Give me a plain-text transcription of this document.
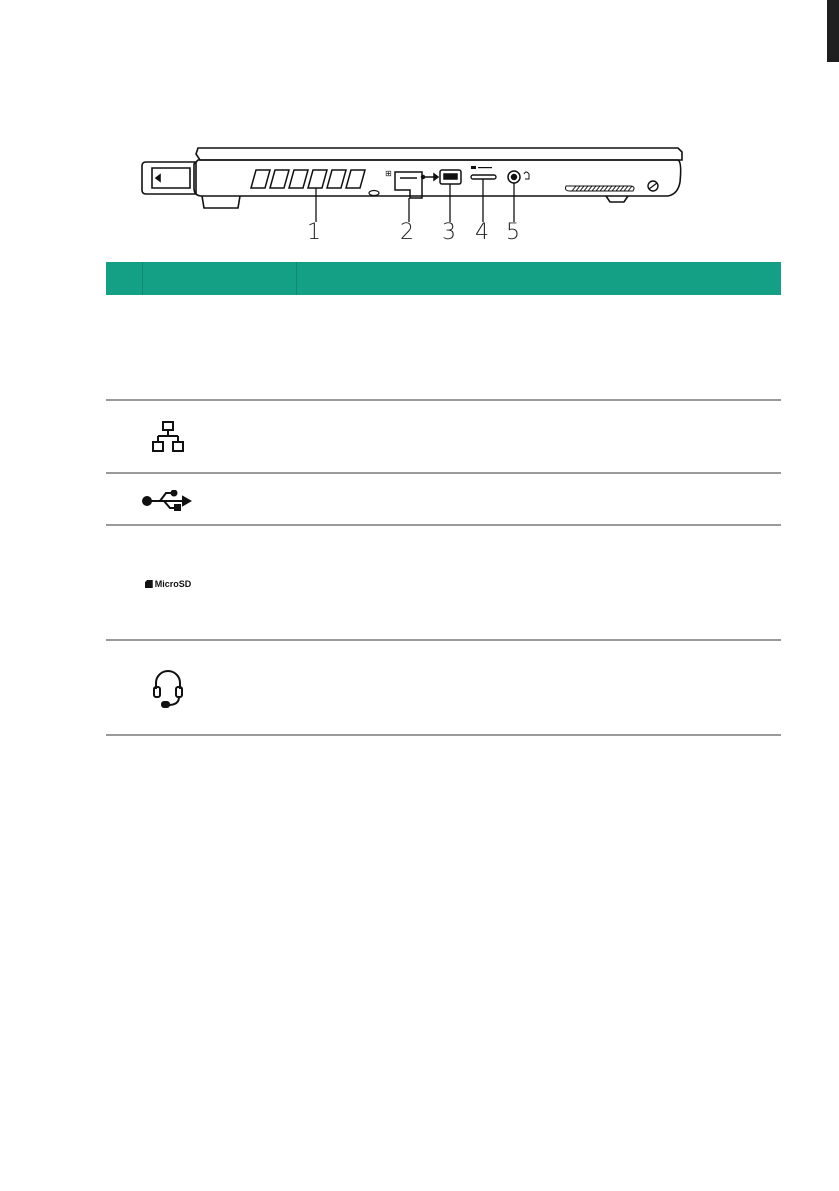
⊞
1	2 3 4 5
MicroSD
